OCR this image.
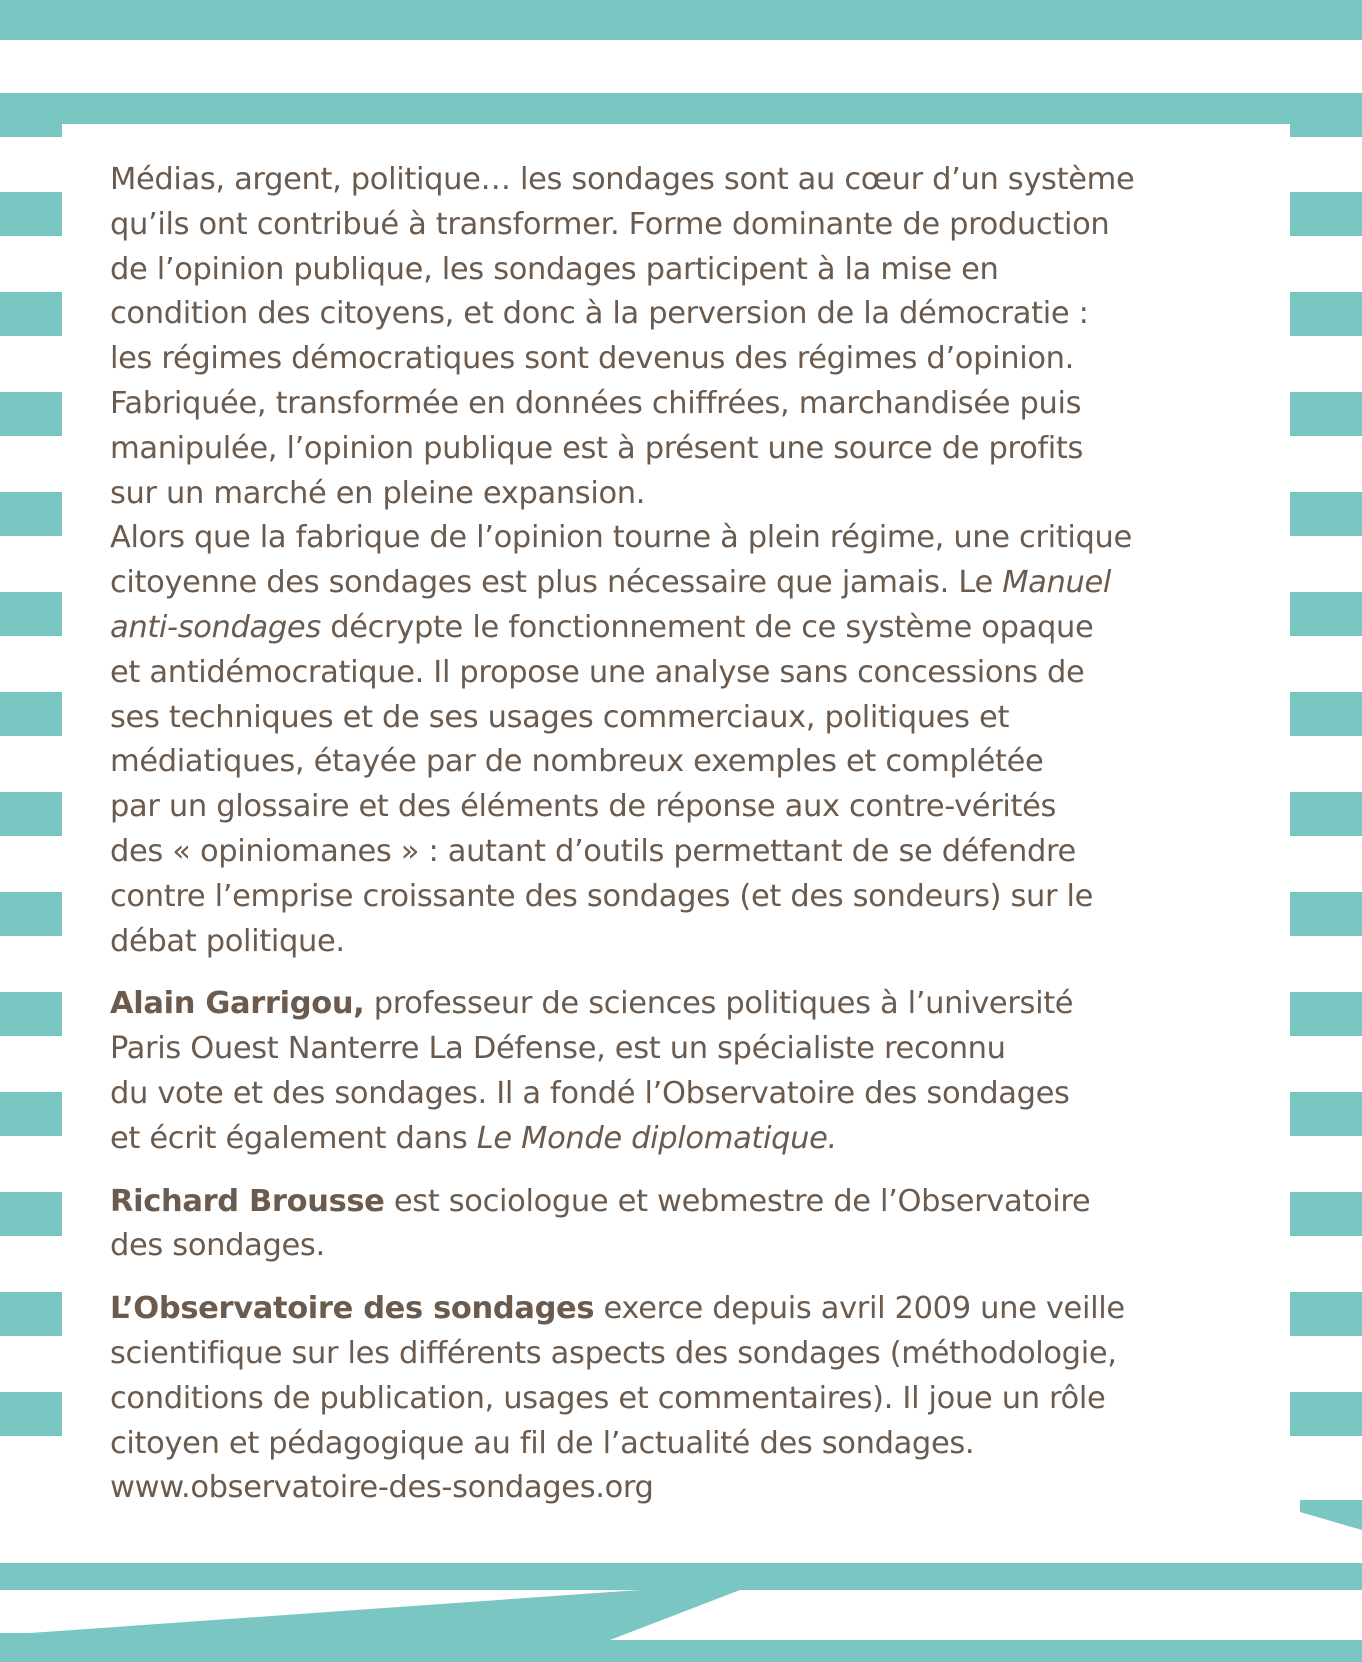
Médias, argent, politique… les sondages sont au cœur d’un système
qu’ils ont contribué à transformer. Forme dominante de production
de l’opinion publique, les sondages participent à la mise en
condition des citoyens, et donc à la perversion de la démocratie :
les régimes démocratiques sont devenus des régimes d’opinion.
Fabriquée, transformée en données chiffrées, marchandisée puis
manipulée, l’opinion publique est à présent une source de profits
sur un marché en pleine expansion.
Alors que la fabrique de l’opinion tourne à plein régime, une critique
citoyenne des sondages est plus nécessaire que jamais. Le Manuel
anti-sondages décrypte le fonctionnement de ce système opaque
et antidémocratique. Il propose une analyse sans concessions de
ses techniques et de ses usages commerciaux, politiques et
médiatiques, étayée par de nombreux exemples et complétée
par un glossaire et des éléments de réponse aux contre-vérités
des « opiniomanes » : autant d’outils permettant de se défendre
contre l’emprise croissante des sondages (et des sondeurs) sur le
débat politique.
Alain Garrigou, professeur de sciences politiques à l’université
Paris Ouest Nanterre La Défense, est un spécialiste reconnu
du vote et des sondages. Il a fondé l’Observatoire des sondages
et écrit également dans Le Monde diplomatique.
Richard Brousse est sociologue et webmestre de l’Observatoire
des sondages.
L’Observatoire des sondages exerce depuis avril 2009 une veille
scientifique sur les différents aspects des sondages (méthodologie,
conditions de publication, usages et commentaires). Il joue un rôle
citoyen et pédagogique au fil de l’actualité des sondages.
www.observatoire-des-sondages.org
